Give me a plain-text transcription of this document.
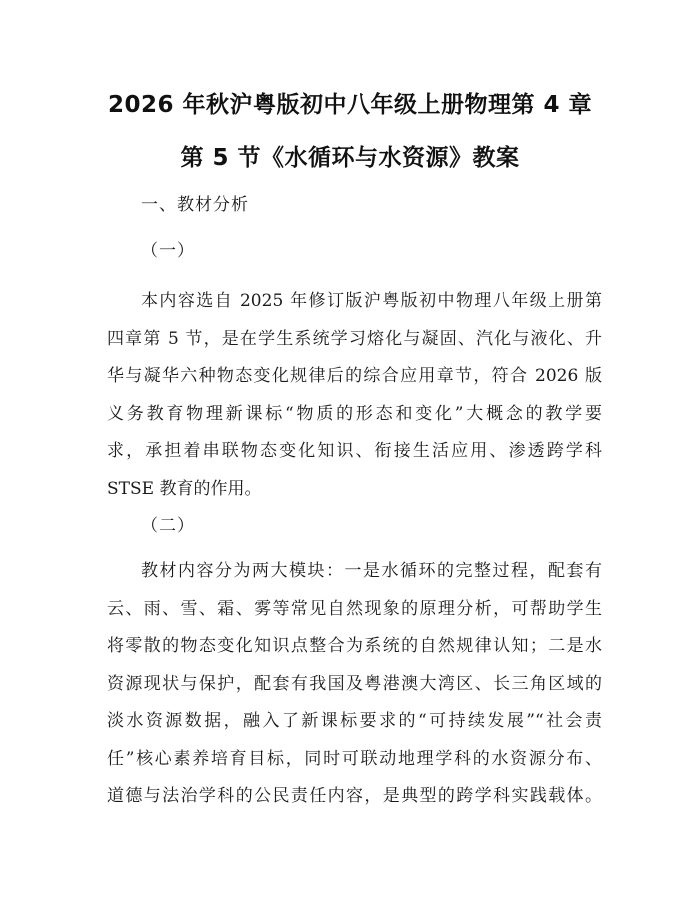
2026 年秋沪粤版初中八年级上册物理第 4 章
第 5 节《水循环与水资源》教案
一、教材分析
（一）
本内容选自 2025 年修订版沪粤版初中物理八年级上册第
四章第 5 节，是在学生系统学习熔化与凝固、汽化与液化、升
华与凝华六种物态变化规律后的综合应用章节，符合 2026 版
义务教育物理新课标“物质的形态和变化”大概念的教学要
求，承担着串联物态变化知识、衔接生活应用、渗透跨学科
STSE 教育的作用。
（二）
教材内容分为两大模块：一是水循环的完整过程，配套有
云、雨、雪、霜、雾等常见自然现象的原理分析，可帮助学生
将零散的物态变化知识点整合为系统的自然规律认知；二是水
资源现状与保护，配套有我国及粤港澳大湾区、长三角区域的
淡水资源数据，融入了新课标要求的“可持续发展”“社会责
任”核心素养培育目标，同时可联动地理学科的水资源分布、
道德与法治学科的公民责任内容，是典型的跨学科实践载体。
